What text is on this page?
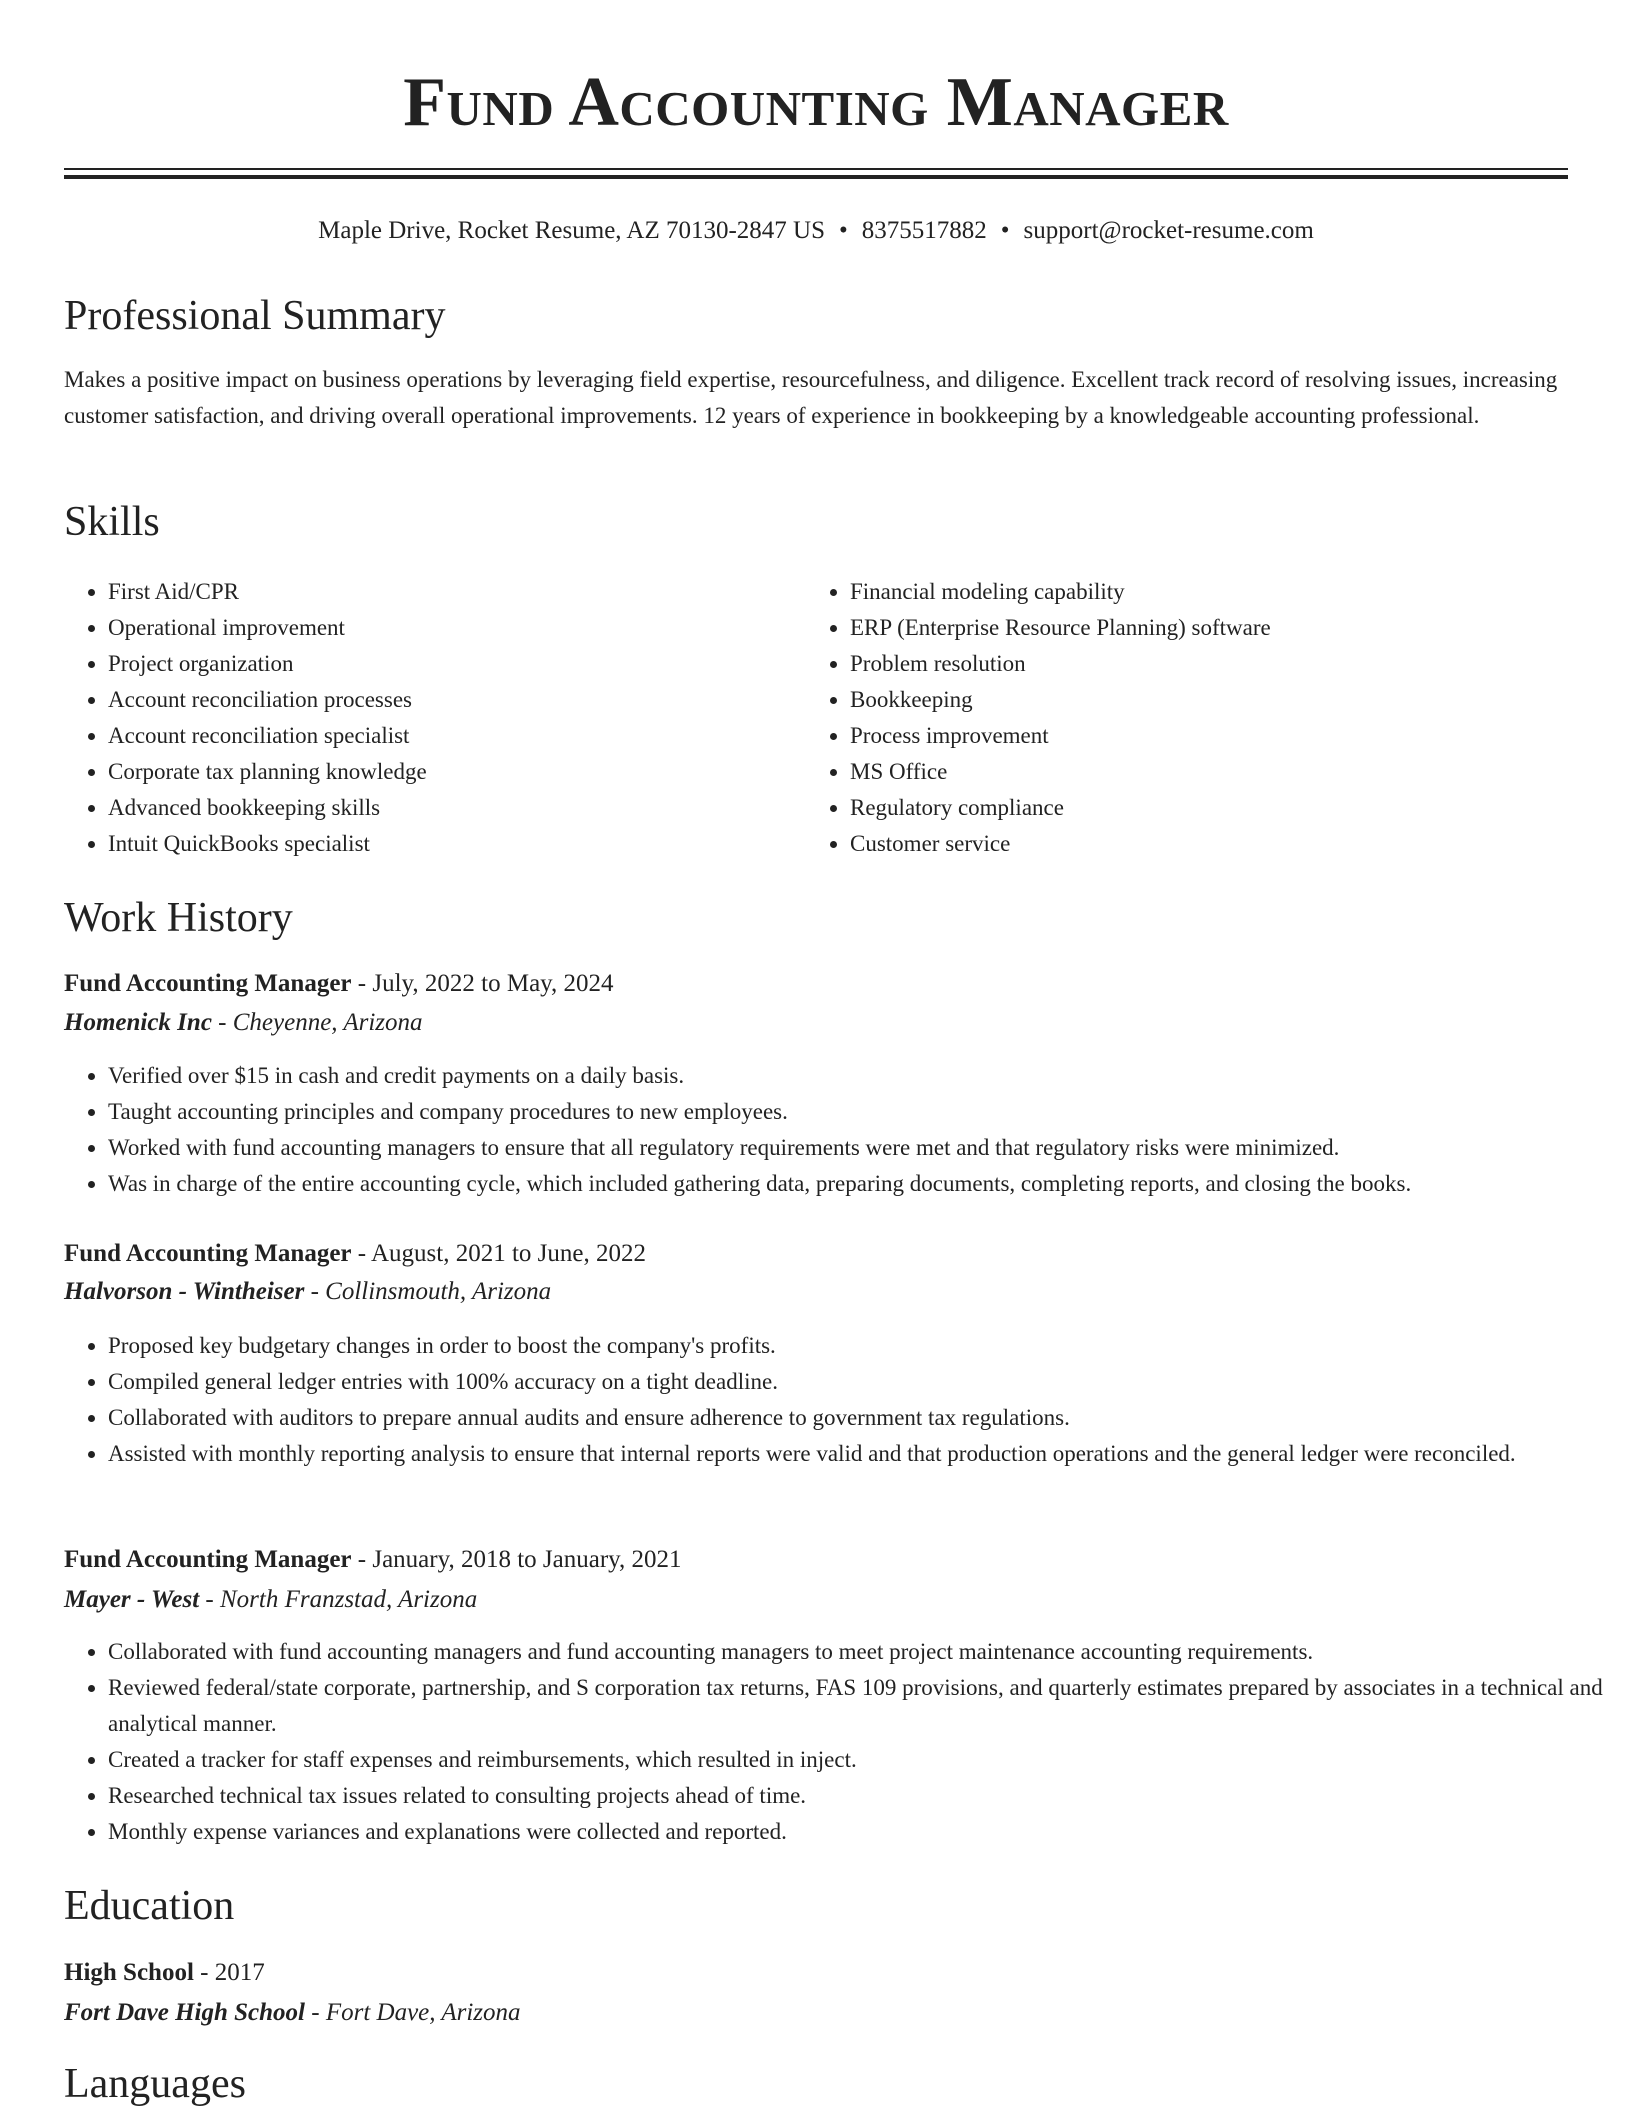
Fund Accounting Manager
Maple Drive, Rocket Resume, AZ 70130-2847 US • 8375517882 • support@rocket-resume.com
Professional Summary

Makes a positive impact on business operations by leveraging field expertise, resourcefulness, and diligence. Excellent track record of resolving issues, increasing customer satisfaction, and driving overall operational improvements. 12 years of experience in bookkeeping by a knowledgeable accounting professional.

Skills
• First Aid/CPR
• Operational improvement
• Project organization
• Account reconciliation processes
• Account reconciliation specialist
• Corporate tax planning knowledge
• Advanced bookkeeping skills
• Intuit QuickBooks specialist
• Financial modeling capability
• ERP (Enterprise Resource Planning) software
• Problem resolution
• Bookkeeping
• Process improvement
• MS Office
• Regulatory compliance
• Customer service
Work History

Fund Accounting Manager - July, 2022 to May, 2024

Homenick Inc - Cheyenne, Arizona

• Verified over $15 in cash and credit payments on a daily basis.
• Taught accounting principles and company procedures to new employees.
• Worked with fund accounting managers to ensure that all regulatory requirements were met and that regulatory risks were minimized.
• Was in charge of the entire accounting cycle, which included gathering data, preparing documents, completing reports, and closing the books.

Fund Accounting Manager - August, 2021 to June, 2022

Halvorson - Wintheiser - Collinsmouth, Arizona

• Proposed key budgetary changes in order to boost the company's profits.
• Compiled general ledger entries with 100% accuracy on a tight deadline.
• Collaborated with auditors to prepare annual audits and ensure adherence to government tax regulations.
• Assisted with monthly reporting analysis to ensure that internal reports were valid and that production operations and the general ledger were reconciled.

Fund Accounting Manager - January, 2018 to January, 2021

Mayer - West - North Franzstad, Arizona

• Collaborated with fund accounting managers and fund accounting managers to meet project maintenance accounting requirements.
• Reviewed federal/state corporate, partnership, and S corporation tax returns, FAS 109 provisions, and quarterly estimates prepared by associates in a technical and analytical manner.
• Created a tracker for staff expenses and reimbursements, which resulted in inject.
• Researched technical tax issues related to consulting projects ahead of time.
• Monthly expense variances and explanations were collected and reported.
Education

High School - 2017

Fort Dave High School - Fort Dave, Arizona

Languages
